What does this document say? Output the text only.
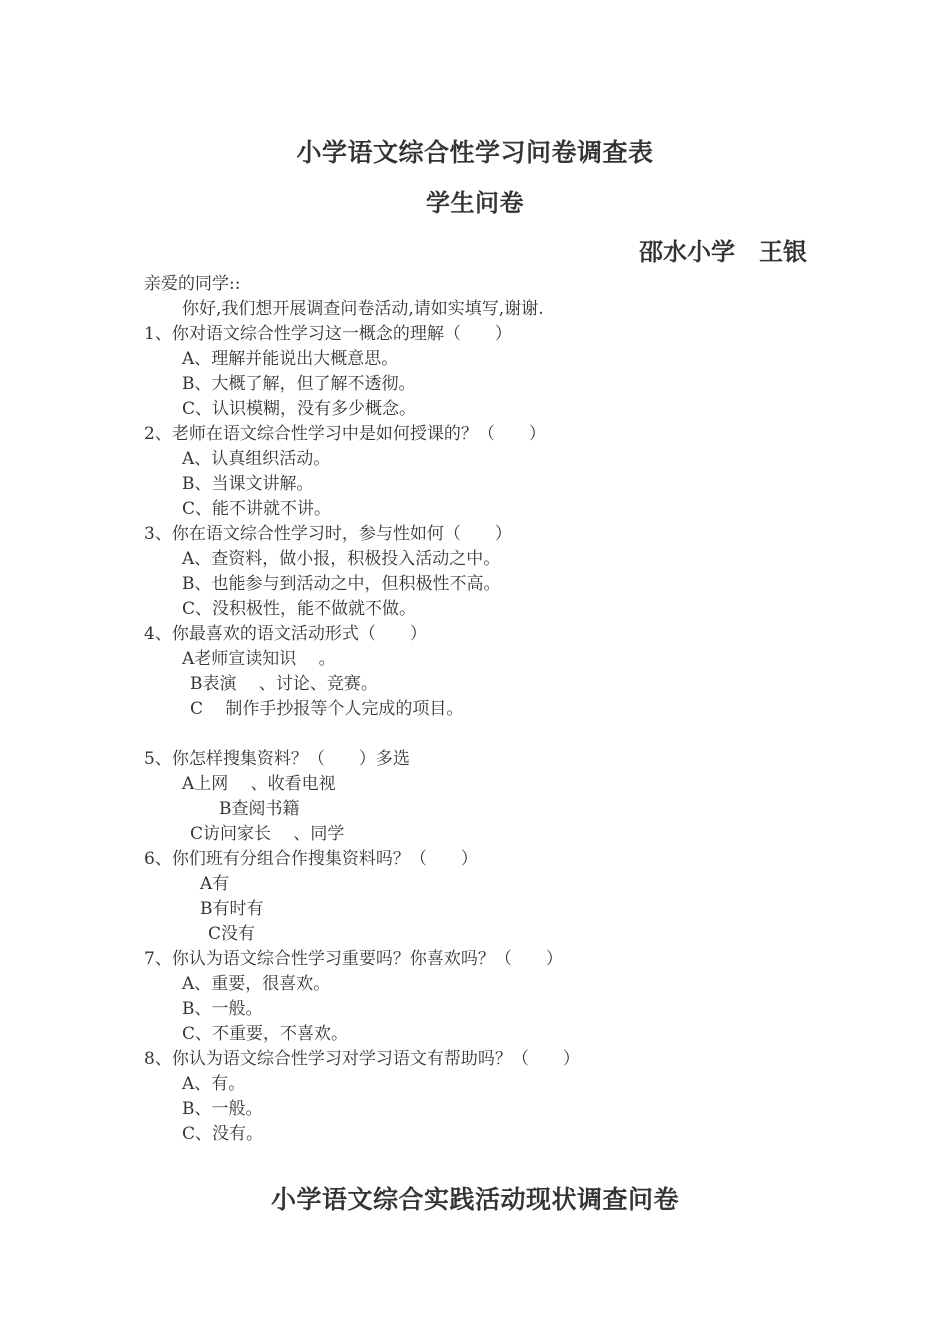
小学语文综合性学习问卷调查表
学生问卷
邵水小学　王银
亲爱的同学::
你好,我们想开展调查问卷活动,请如实填写,谢谢.
1、你对语文综合性学习这一概念的理解（　　）
A、理解并能说出大概意思。
B、大概了解，但了解不透彻。
C、认识模糊，没有多少概念。
2、老师在语文综合性学习中是如何授课的？（　　）
A、认真组织活动。
B、当课文讲解。
C、能不讲就不讲。
3、你在语文综合性学习时，参与性如何（　　）
A、查资料，做小报，积极投入活动之中。
B、也能参与到活动之中，但积极性不高。
C、没积极性，能不做就不做。
4、你最喜欢的语文活动形式（　　）
A老师宣读知识　 。
B表演　 、讨论、竞赛。
C　 制作手抄报等个人完成的项目。
5、你怎样搜集资料？（　　）多选
A上网　 、收看电视
B查阅书籍
C访问家长　 、同学
6、你们班有分组合作搜集资料吗？（　　）
A有
B有时有
C没有
7、你认为语文综合性学习重要吗？你喜欢吗？（　　）
A、重要，很喜欢。
B、一般。
C、不重要，不喜欢。
8、你认为语文综合性学习对学习语文有帮助吗？（　　）
A、有。
B、一般。
C、没有。
小学语文综合实践活动现状调查问卷
